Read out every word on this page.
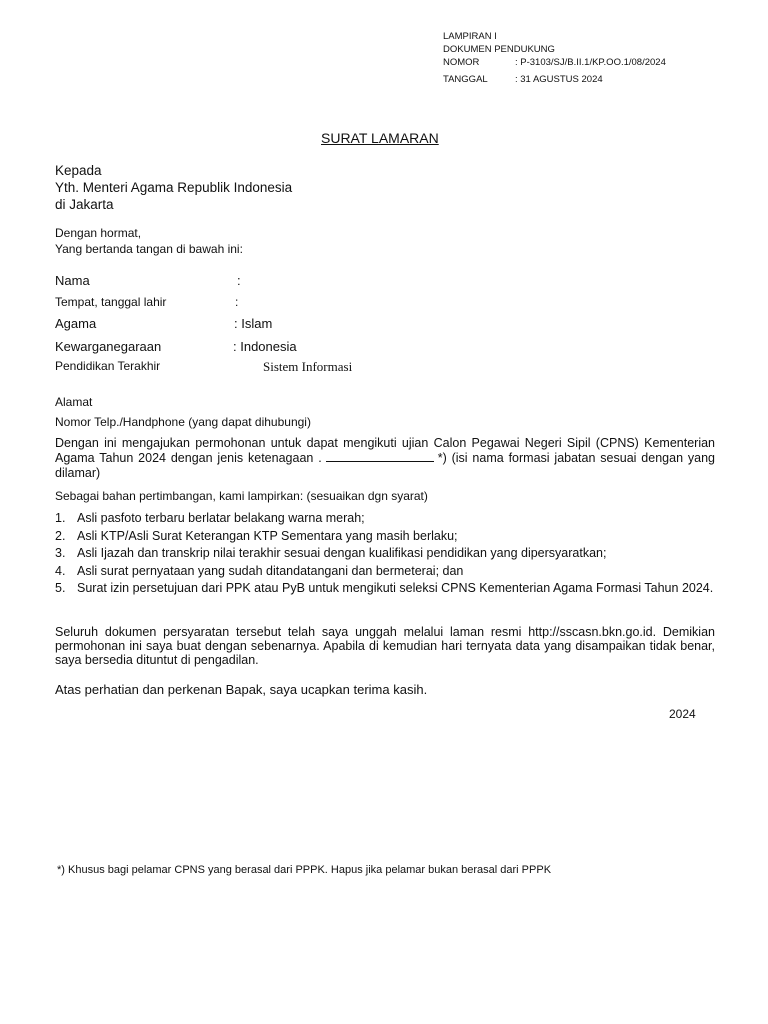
LAMPIRAN I
DOKUMEN PENDUKUNG
NOMOR	: P-3103/SJ/B.II.1/KP.OO.1/08/2024
TANGGAL	: 31 AGUSTUS 2024
SURAT LAMARAN
Kepada
Yth. Menteri Agama Republik Indonesia
di Jakarta
Dengan hormat,
Yang bertanda tangan di bawah ini:
Nama	:
Tempat, tanggal lahir	:
Agama	: Islam
Kewarganegaraan	: Indonesia
Pendidikan Terakhir	Sistem Informasi
Alamat
Nomor Telp./Handphone (yang dapat dihubungi)
Dengan ini mengajukan permohonan untuk dapat mengikuti ujian Calon Pegawai Negeri Sipil (CPNS) Kementerian Agama Tahun 2024 dengan jenis ketenagaan .	*) (isi nama formasi jabatan sesuai dengan yang dilamar)
Sebagai bahan pertimbangan, kami lampirkan: (sesuaikan dgn syarat)
1. Asli pasfoto terbaru berlatar belakang warna merah;
2. Asli KTP/Asli Surat Keterangan KTP Sementara yang masih berlaku;
3. Asli Ijazah dan transkrip nilai terakhir sesuai dengan kualifikasi pendidikan yang dipersyaratkan;
4. Asli surat pernyataan yang sudah ditandatangani dan bermeterai; dan
5. Surat izin persetujuan dari PPK atau PyB untuk mengikuti seleksi CPNS Kementerian Agama Formasi Tahun 2024.
Seluruh dokumen persyaratan tersebut telah saya unggah melalui laman resmi http://sscasn.bkn.go.id. Demikian permohonan ini saya buat dengan sebenarnya. Apabila di kemudian hari ternyata data yang disampaikan tidak benar, saya bersedia dituntut di pengadilan.
Atas perhatian dan perkenan Bapak, saya ucapkan terima kasih.
2024
*) Khusus bagi pelamar CPNS yang berasal dari PPPK. Hapus jika pelamar bukan berasal dari PPPK
